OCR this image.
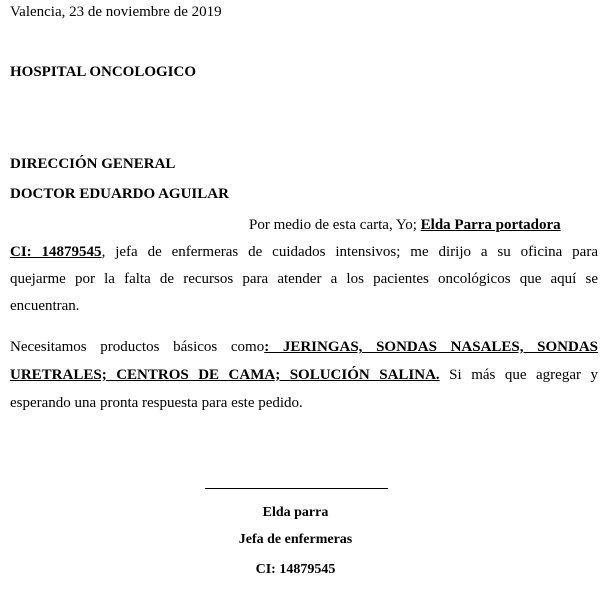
Valencia, 23 de noviembre de 2019
HOSPITAL ONCOLOGICO
DIRECCIÓN GENERAL
DOCTOR EDUARDO AGUILAR
Por medio de esta carta, Yo; Elda Parra portadora
CI: 14879545, jefa de enfermeras de cuidados intensivos; me dirijo a su oficina para
quejarme por la falta de recursos para atender a los pacientes oncológicos que aquí se
encuentran.
Necesitamos productos básicos como: JERINGAS, SONDAS NASALES, SONDAS
URETRALES; CENTROS DE CAMA; SOLUCIÓN SALINA. Si más que agregar y
esperando una pronta respuesta para este pedido.
Elda parra
Jefa de enfermeras
CI: 14879545
